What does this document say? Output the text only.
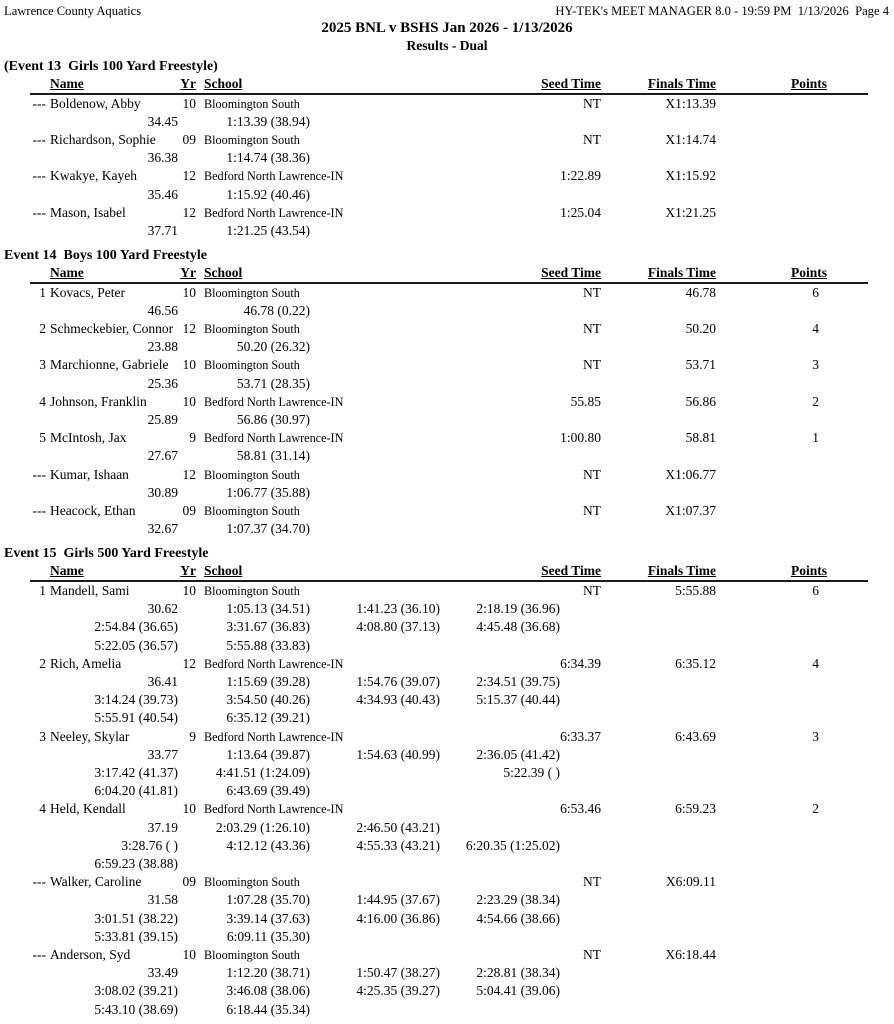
Lawrence County Aquatics	HY-TEK's MEET MANAGER 8.0 - 19:59 PM  1/13/2026  Page 4
2025 BNL v BSHS Jan 2026 - 1/13/2026
Results - Dual
(Event 13  Girls 100 Yard Freestyle)
Name	Yr School	Seed Time	Finals Time	Points
--- Boldenow, Abby	10 Bloomington South	NT	X1:13.39
34.45	1:13.39 (38.94)
--- Richardson, Sophie	09 Bloomington South	NT	X1:14.74
36.38	1:14.74 (38.36)
--- Kwakye, Kayeh	12 Bedford North Lawrence-IN	1:22.89	X1:15.92
35.46	1:15.92 (40.46)
--- Mason, Isabel	12 Bedford North Lawrence-IN	1:25.04	X1:21.25
37.71	1:21.25 (43.54)
Event 14  Boys 100 Yard Freestyle
Name	Yr School	Seed Time	Finals Time	Points
1 Kovacs, Peter	10 Bloomington South	NT	46.78	6
46.56	46.78 (0.22)
2 Schmeckebier, Connor 12 Bloomington South	NT	50.20	4
23.88	50.20 (26.32)
3 Marchionne, Gabriele	10 Bloomington South	NT	53.71	3
25.36	53.71 (28.35)
4 Johnson, Franklin	10 Bedford North Lawrence-IN	55.85	56.86	2
25.89	56.86 (30.97)
5 McIntosh, Jax	9 Bedford North Lawrence-IN	1:00.80	58.81	1
27.67	58.81 (31.14)
--- Kumar, Ishaan	12 Bloomington South	NT	X1:06.77
30.89	1:06.77 (35.88)
--- Heacock, Ethan	09 Bloomington South	NT	X1:07.37
32.67	1:07.37 (34.70)
Event 15  Girls 500 Yard Freestyle
Name	Yr School	Seed Time	Finals Time	Points
1 Mandell, Sami	10 Bloomington South	NT	5:55.88	6
30.62	1:05.13 (34.51)	1:41.23 (36.10)	2:18.19 (36.96)
2:54.84 (36.65)	3:31.67 (36.83)	4:08.80 (37.13)	4:45.48 (36.68)
5:22.05 (36.57)	5:55.88 (33.83)
2 Rich, Amelia	12 Bedford North Lawrence-IN	6:34.39	6:35.12	4
36.41	1:15.69 (39.28)	1:54.76 (39.07)	2:34.51 (39.75)
3:14.24 (39.73)	3:54.50 (40.26)	4:34.93 (40.43)	5:15.37 (40.44)
5:55.91 (40.54)	6:35.12 (39.21)
3 Neeley, Skylar	9 Bedford North Lawrence-IN	6:33.37	6:43.69	3
33.77	1:13.64 (39.87)	1:54.63 (40.99)	2:36.05 (41.42)
3:17.42 (41.37)	4:41.51 (1:24.09)	5:22.39 ( )
6:04.20 (41.81)	6:43.69 (39.49)
4 Held, Kendall	10 Bedford North Lawrence-IN	6:53.46	6:59.23	2
37.19	2:03.29 (1:26.10)	2:46.50 (43.21)
3:28.76 ( )	4:12.12 (43.36)	4:55.33 (43.21)	6:20.35 (1:25.02)
6:59.23 (38.88)
--- Walker, Caroline	09 Bloomington South	NT	X6:09.11
31.58	1:07.28 (35.70)	1:44.95 (37.67)	2:23.29 (38.34)
3:01.51 (38.22)	3:39.14 (37.63)	4:16.00 (36.86)	4:54.66 (38.66)
5:33.81 (39.15)	6:09.11 (35.30)
--- Anderson, Syd	10 Bloomington South	NT	X6:18.44
33.49	1:12.20 (38.71)	1:50.47 (38.27)	2:28.81 (38.34)
3:08.02 (39.21)	3:46.08 (38.06)	4:25.35 (39.27)	5:04.41 (39.06)
5:43.10 (38.69)	6:18.44 (35.34)
